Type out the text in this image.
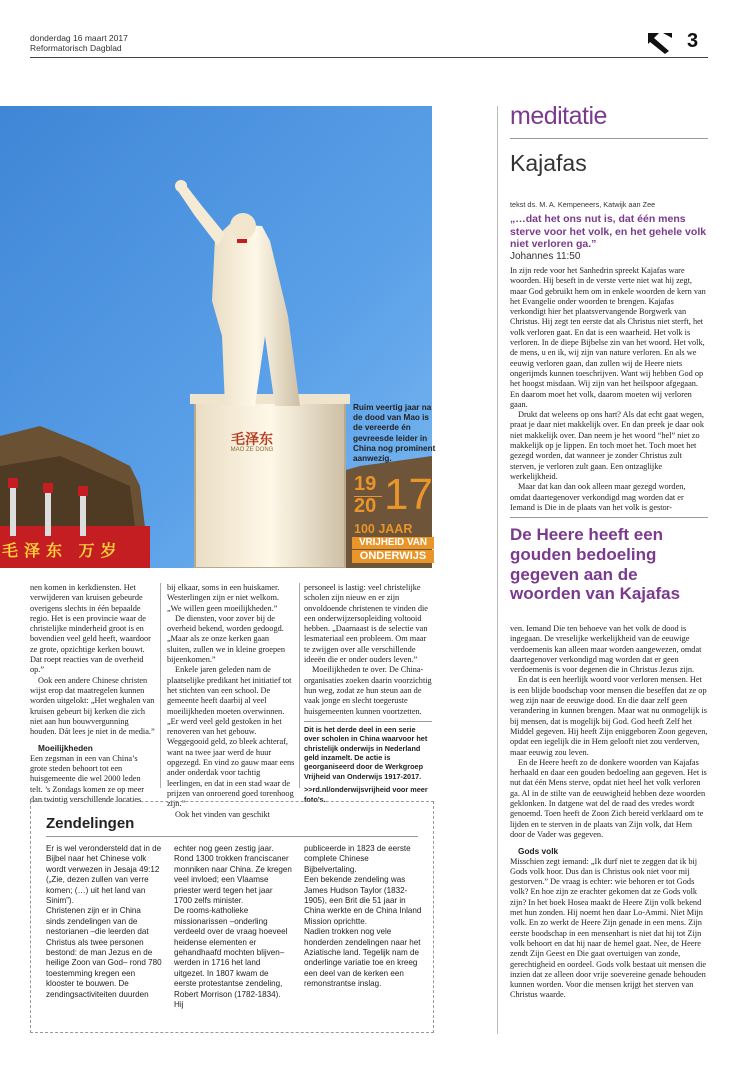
donderdag 16 maart 2017
Reformatorisch Dagblad	3
毛泽东
MAO ZE DONG
毛泽东 万岁
Ruim veertig jaar na de dood van Mao is de vereerde én gevreesde leider in China nog prominent aanwezig.
19
20 17
100 JAAR
VRIJHEID VAN
ONDERWIJS

nen komen in kerkdiensten. Het verwijderen van kruisen gebeurde overigens slechts in één bepaalde regio. Het is een provincie waar de christelijke minderheid groot is en bovendien veel geld heeft, waardoor ze grote, opzichtige kerken bouwt. Dat roept reacties van de overheid op.”

Ook een andere Chinese christen wijst erop dat maatregelen kunnen worden uitgelokt: „Het weghalen van kruisen gebeurt bij kerken die zich niet aan hun bouwvergunning houden. Dát lees je niet in de media.”

Moeilijkheden

Een zegsman in een van China’s grote steden behoort tot een huisgemeente die wel 2000 leden telt. ’s Zondags komen ze op meer dan twintig verschillende locaties

bij elkaar, soms in een huiskamer. Westerlingen zijn er niet welkom. „We willen geen moeilijkheden.”

De diensten, voor zover bij de overheid bekend, worden gedoogd. „Maar als ze onze kerken gaan sluiten, zullen we in kleine groepen bijeenkomen.”

Enkele jaren geleden nam de plaatselijke predikant het initiatief tot het stichten van een school. De gemeente heeft daarbij al veel moeilijkheden moeten overwinnen. „Er werd veel geld gestoken in het renoveren van het gebouw. Weggegooid geld, zo bleek achteraf, want na twee jaar werd de huur opgezegd. En vind zo gauw maar eens ander onderdak voor tachtig leerlingen, en dat in een stad waar de prijzen van onroerend goed torenhoog zijn.”

Ook het vinden van geschikt

personeel is lastig: veel christelijke scholen zijn nieuw en er zijn onvoldoende christenen te vinden die een onderwijzersopleiding voltooid hebben. „Daarnaast is de selectie van lesmateriaal een probleem. Om maar te zwijgen over alle verschillende ideeën die er onder ouders leven.”

Moeilijkheden te over. De China-organisaties zoeken daarin voorzichtig hun weg, zodat ze hun steun aan de vaak jonge en slecht toegeruste huisgemeenten kunnen voortzetten.

Dit is het derde deel in een serie over scholen in China waarvoor het christelijk onderwijs in Nederland geld inzamelt. De actie is georganiseerd door de Werkgroep Vrijheid van Onderwijs 1917-2017.
>>rd.nl/onderwijsvrijheid voor meer foto’s.
Zendelingen
Er is wel verondersteld dat in de Bijbel naar het Chinese volk wordt verwezen in Jesaja 49:12 („Zie, dezen zullen van verre komen; (…) uit het land van Sinim”).
Christenen zijn er in China sinds zendelingen van de nestorianen –die leerden dat Christus als twee personen bestond: de man Jezus en de heilige Zoon van God– rond 780 toestemming kregen een klooster te bouwen. De zendingsactiviteiten duurden
echter nog geen zestig jaar. Rond 1300 trokken franciscaner monniken naar China. Ze kregen veel invloed; een Vlaamse priester werd tegen het jaar 1700 zelfs minister.
De rooms-katholieke missionarissen –onderling verdeeld over de vraag hoeveel heidense elementen er gehandhaafd mochten blijven– werden in 1716 het land uitgezet. In 1807 kwam de eerste protestantse zendeling, Robert Morrison (1782-1834). Hij
publiceerde in 1823 de eerste complete Chinese Bijbelvertaling.
Een bekende zendeling was James Hudson Taylor (1832-1905), een Brit die 51 jaar in China werkte en de China Inland Mission oprichtte.
Nadien trokken nog vele honderden zendelingen naar het Aziatische land. Tegelijk nam de onderlinge variatie toe en kreeg een deel van de kerken een remonstrantse inslag.
meditatie
Kajafas
tekst ds. M. A. Kempeneers, Katwijk aan Zee
„…dat het ons nut is, dat één mens sterve voor het volk, en het gehele volk niet verloren ga.”
Johannes 11:50

In zijn rede voor het Sanhedrin spreekt Kajafas ware woorden. Hij beseft in de verste verte niet wat hij zegt, maar God gebruikt hem om in enkele woorden de kern van het Evangelie onder woorden te brengen. Kajafas verkondigt hier het plaatsvervangende Borgwerk van Christus. Hij zegt ten eerste dat als Christus niet sterft, het volk verloren gaat. En dat is een waarheid. Het volk is verloren. In de diepe Bijbelse zin van het woord. Het volk, de mens, u en ik, wij zijn van nature verloren. En als we eeuwig verloren gaan, dan zullen wij de Heere niets ongerijmds kunnen toeschrijven. Want wij hebben God op het hoogst misdaan. Wij zijn van het heilspoor afgegaan. En daarom moet het volk, daarom moeten wij verloren gaan.

Drukt dat weleens op ons hart? Als dat echt gaat wegen, praat je daar niet makkelijk over. En dan preek je daar ook niet makkelijk over. Dan neem je het woord “hel” niet zo makkelijk op je lippen. En toch moet het. Toch moet het gezegd worden, dat wanneer je zonder Christus zult sterven, je verloren zult gaan. Een ontzaglijke werkelijkheid.

Maar dat kan dan ook alleen maar gezegd worden, omdat daartegenover verkondigd mag worden dat er Iemand is Die in de plaats van het volk is gestor-

De Heere heeft een gouden bedoeling gegeven aan de woorden van Kajafas

ven. Iemand Die ten behoeve van het volk de dood is ingegaan. De vreselijke werkelijkheid van de eeuwige verdoemenis kan alleen maar worden aangewezen, omdat daartegenover verkondigd mag worden dat er geen verdoemenis is voor degenen die in Christus Jezus zijn.

En dat is een heerlijk woord voor verloren mensen. Het is een blijde boodschap voor mensen die beseffen dat ze op weg zijn naar de eeuwige dood. En die daar zelf geen verandering in kunnen brengen. Maar wat nu onmogelijk is bij mensen, dat is mogelijk bij God. God heeft Zelf het Middel gegeven. Hij heeft Zijn eniggeboren Zoon gegeven, opdat een iegelijk die in Hem gelooft niet zou verderven, maar eeuwig zou leven.

En de Heere heeft zo de donkere woorden van Kajafas herhaald en daar een gouden bedoeling aan gegeven. Het is nut dat één Mens sterve, opdat niet heel het volk verloren ga. Al in de stilte van de eeuwigheid hebben deze woorden geklonken. In datgene wat del de raad des vredes wordt genoemd. Toen heeft de Zoon Zich bereid verklaard om te lijden en te sterven in de plaats van Zijn volk, dat Hem door de Vader was gegeven.

Gods volk

Misschien zegt iemand: „Ik durf niet te zeggen dat ik bij Gods volk hoor. Dus dan is Christus ook niet voor mij gestorven.” De vraag is echter: wie behoren er tot Gods volk? En hoe zijn ze erachter gekomen dat ze Gods volk zijn? In het boek Hosea maakt de Heere Zijn volk bekend met hun zonden. Hij noemt hen daar Lo-Ammi. Niet Mijn volk. En zo werkt de Heere Zijn genade in een mens. Zijn eerste boodschap in een mensenhart is niet dat hij tot Zijn volk behoort en dat hij naar de hemel gaat. Nee, de Heere zendt Zijn Geest en Die gaat overtuigen van zonde, gerechtigheid en oordeel. Gods volk bestaat uit mensen die inzien dat ze alleen door vrije soevereine genade behouden kunnen worden. Voor die mensen krijgt het sterven van Christus waarde.
